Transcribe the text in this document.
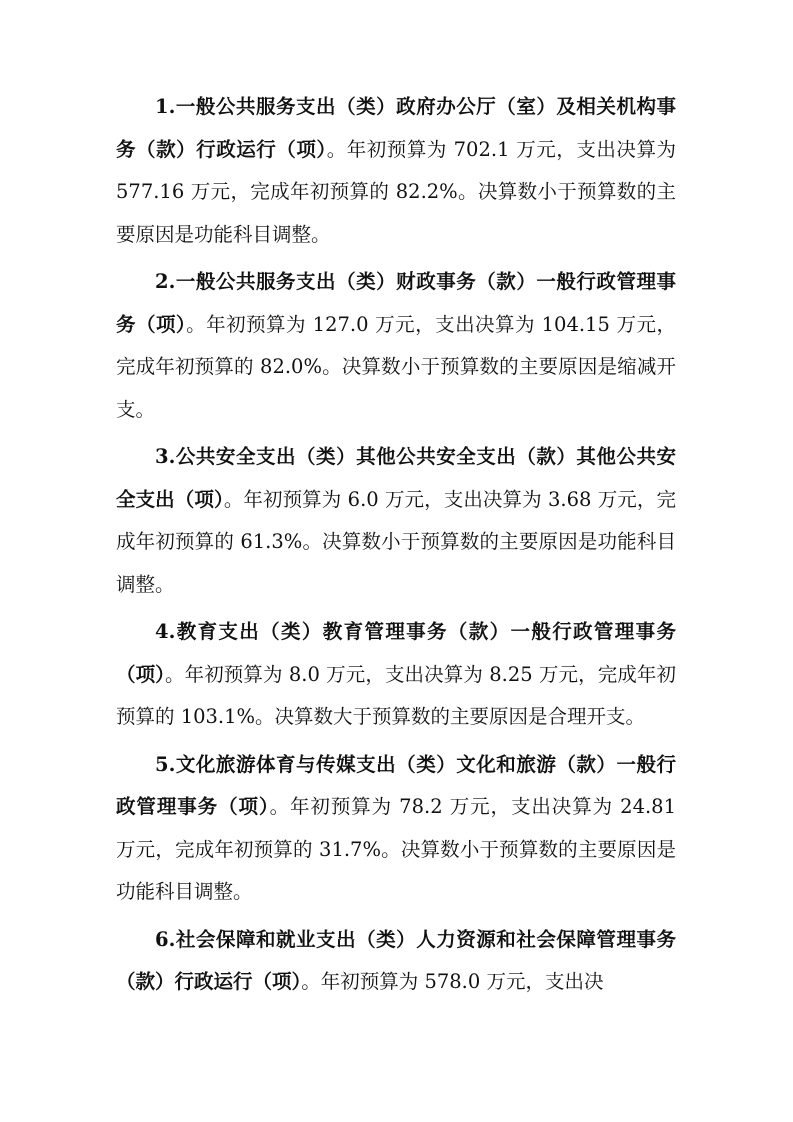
1.一般公共服务支出（类）政府办公厅（室）及相关机构事务（款）行政运行（项）。年初预算为 702.1 万元，支出决算为 577.16 万元，完成年初预算的 82.2%。决算数小于预算数的主要原因是功能科目调整。

2.一般公共服务支出（类）财政事务（款）一般行政管理事务（项）。年初预算为 127.0 万元，支出决算为 104.15 万元，完成年初预算的 82.0%。决算数小于预算数的主要原因是缩减开支。

3.公共安全支出（类）其他公共安全支出（款）其他公共安全支出（项）。年初预算为 6.0 万元，支出决算为 3.68 万元，完成年初预算的 61.3%。决算数小于预算数的主要原因是功能科目调整。

4.教育支出（类）教育管理事务（款）一般行政管理事务（项）。年初预算为 8.0 万元，支出决算为 8.25 万元，完成年初预算的 103.1%。决算数大于预算数的主要原因是合理开支。

5.文化旅游体育与传媒支出（类）文化和旅游（款）一般行政管理事务（项）。年初预算为 78.2 万元，支出决算为 24.81 万元，完成年初预算的 31.7%。决算数小于预算数的主要原因是功能科目调整。

6.社会保障和就业支出（类）人力资源和社会保障管理事务（款）行政运行（项）。年初预算为 578.0 万元，支出决
